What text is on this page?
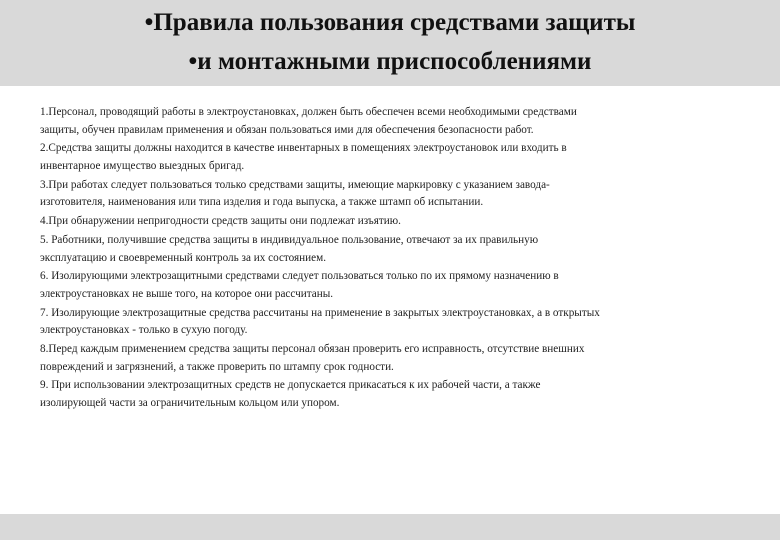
•Правила пользования средствами защиты
•и монтажными приспособлениями

1.Персонал, проводящий работы в электроустановках, должен быть обеспечен всеми необходимыми средствами
защиты, обучен правилам применения и обязан пользоваться ими для обеспечения безопасности работ.

2.Средства защиты должны находится в качестве инвентарных в помещениях электроустановок или входить в
инвентарное имущество выездных бригад.

3.При работах следует пользоваться только средствами защиты, имеющие маркировку с указанием завода-
изготовителя, наименования или типа изделия и года выпуска, а также штамп об испытании.

4.При обнаружении непригодности средств защиты они подлежат изъятию.

5. Работники, получившие средства защиты в индивидуальное пользование, отвечают за их правильную
эксплуатацию и своевременный контроль за их состоянием.

6. Изолирующими электрозащитными средствами следует пользоваться только по их прямому назначению в
электроустановках не выше того, на которое они рассчитаны.

7. Изолирующие электрозащитные средства рассчитаны на применение в закрытых электроустановках, а в открытых
электроустановках - только в сухую погоду.

8.Перед каждым применением средства защиты персонал обязан проверить его исправность, отсутствие внешних
повреждений и загрязнений, а также проверить по штампу срок годности.

9. При использовании электрозащитных средств не допускается прикасаться к их рабочей части, а также
изолирующей части за ограничительным кольцом или упором.
